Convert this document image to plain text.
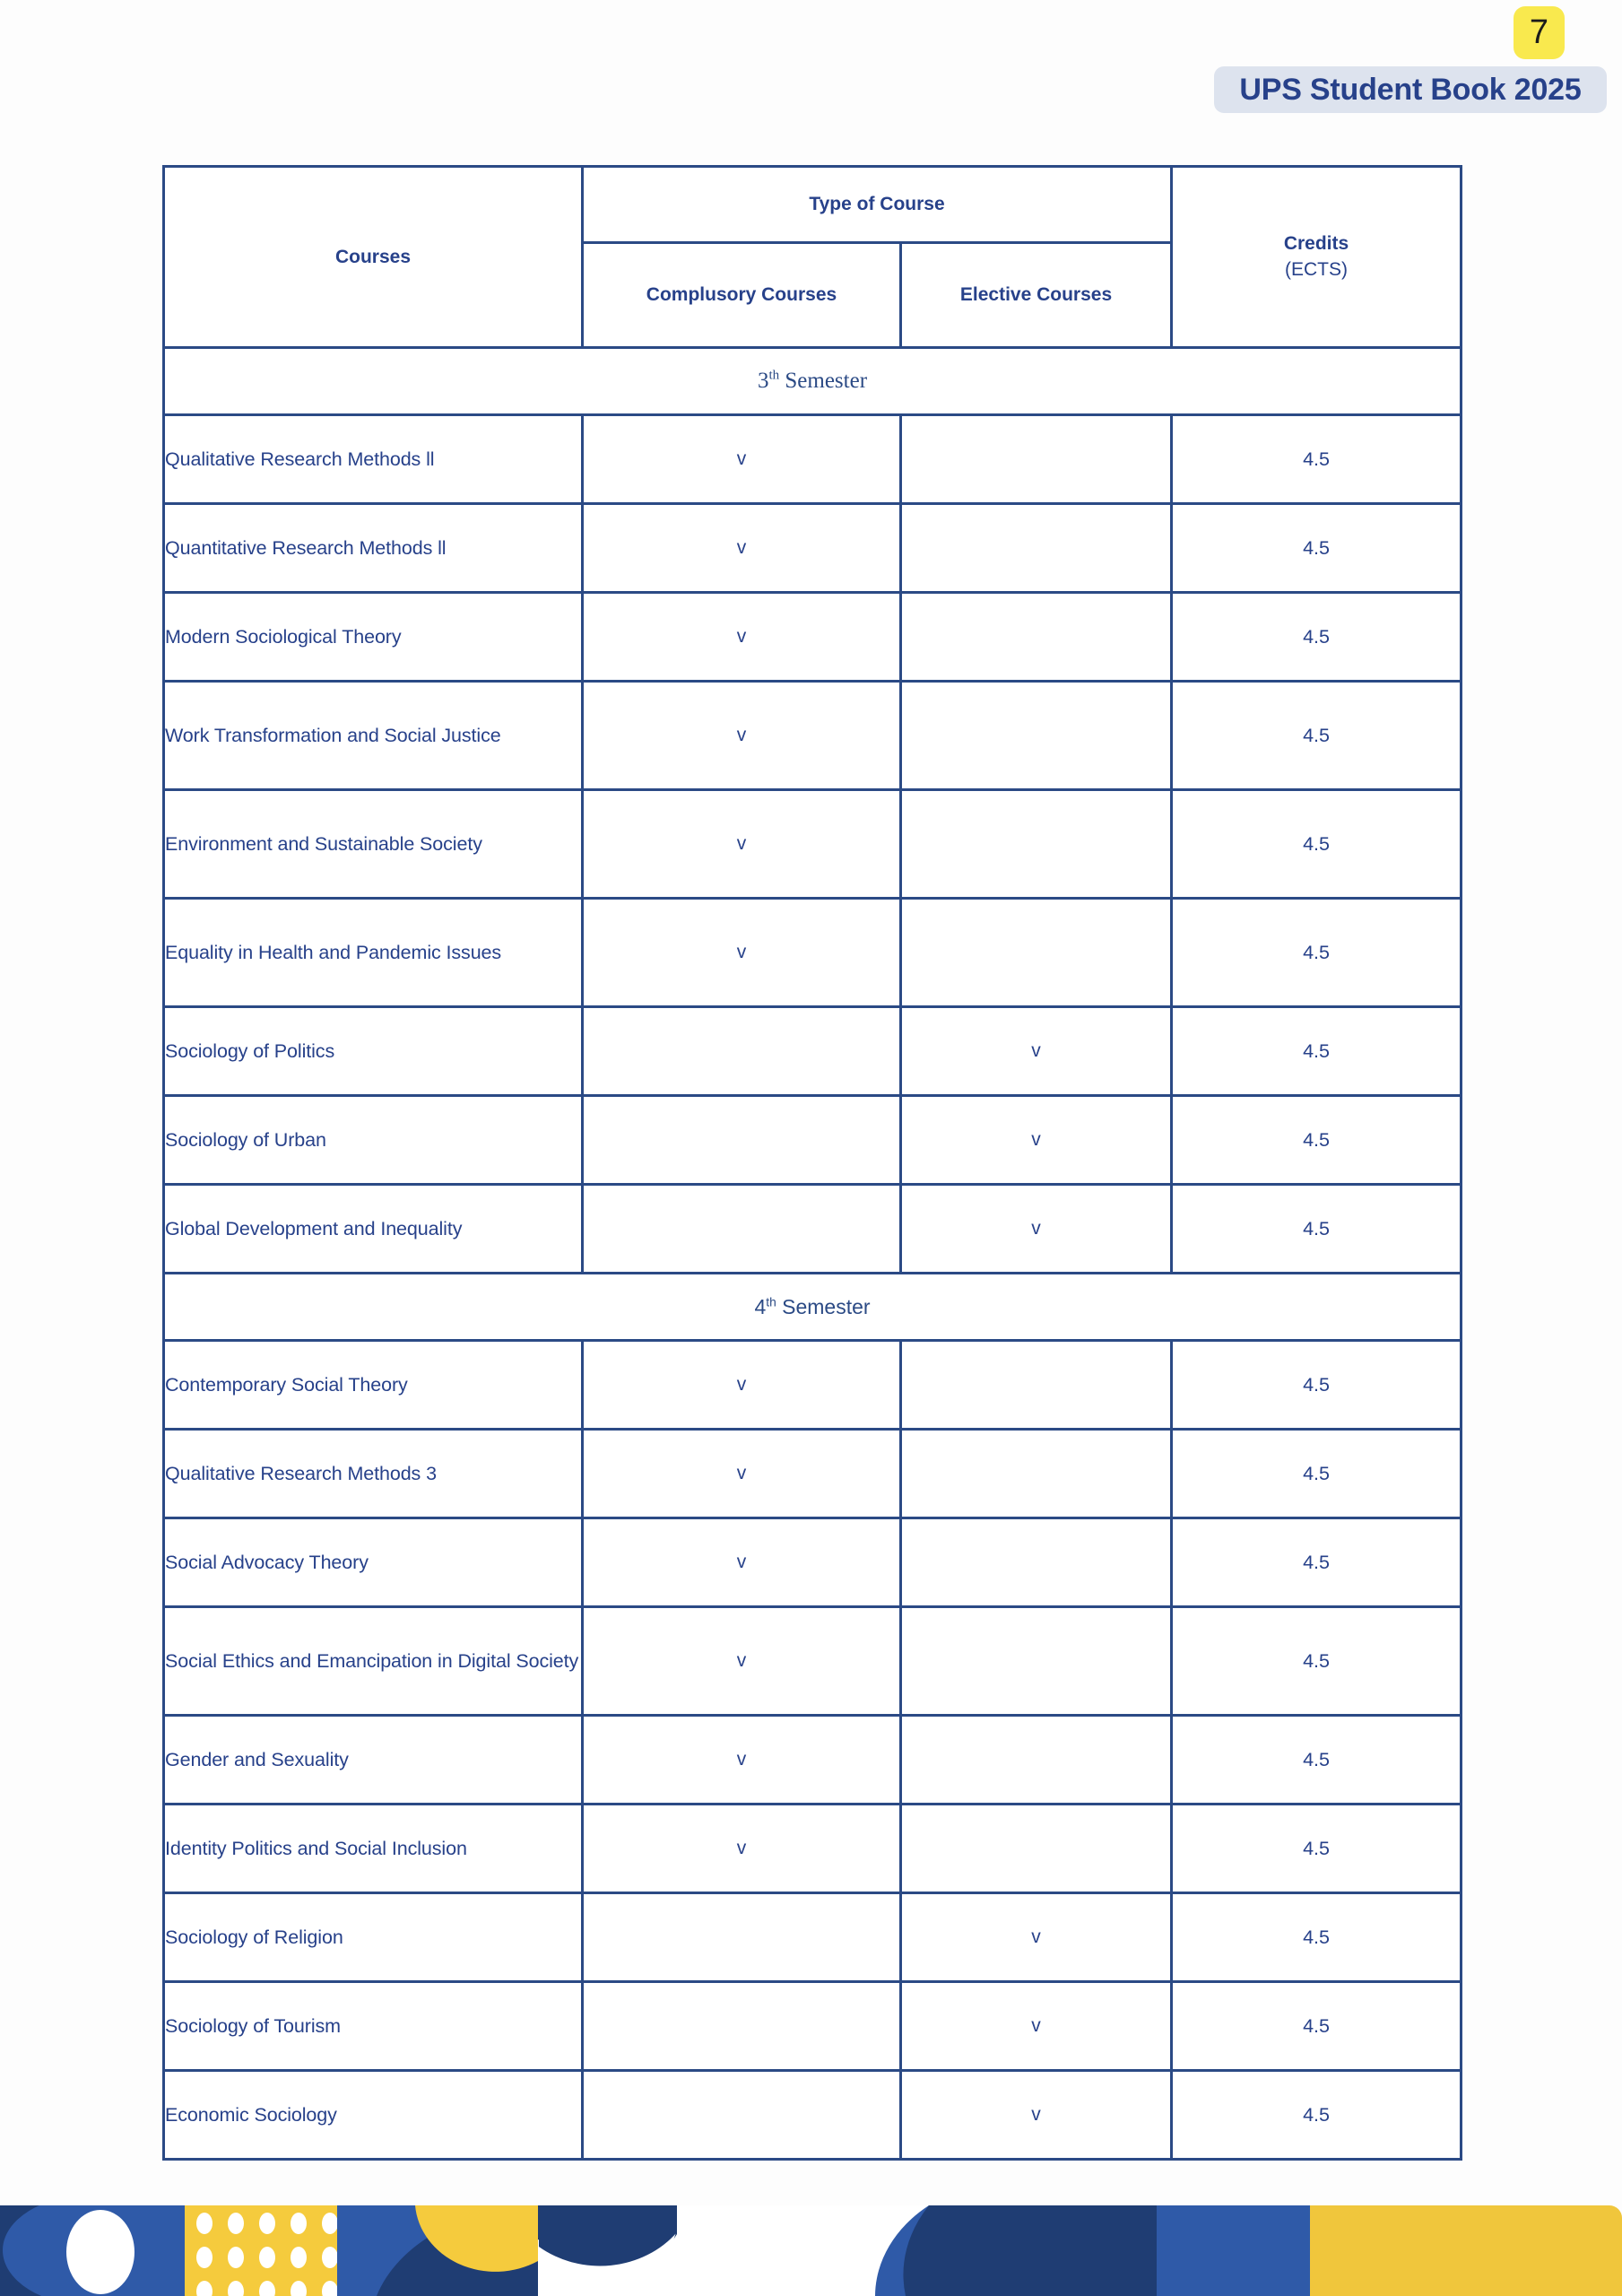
7
UPS Student Book 2025
Courses	Type of Course		Credits
(ECTS)

	Complusory Courses	Elective Courses	
3th Semester			
Qualitative Research Methods ll	v		4.5
Quantitative Research Methods ll	v		4.5
Modern Sociological Theory	v		4.5
Work Transformation and Social Justice	v		4.5
Environment and Sustainable Society	v		4.5
Equality in Health and Pandemic Issues	v		4.5
Sociology of Politics		v	4.5
Sociology of Urban		v	4.5
Global Development and Inequality		v	4.5
4th Semester			
Contemporary Social Theory	v		4.5
Qualitative Research Methods 3	v		4.5
Social Advocacy Theory	v		4.5
Social Ethics and Emancipation in Digital Society	v		4.5
Gender and Sexuality	v		4.5
Identity Politics and Social Inclusion	v		4.5
Sociology of Religion		v	4.5
Sociology of Tourism		v	4.5
Economic Sociology		v	4.5
